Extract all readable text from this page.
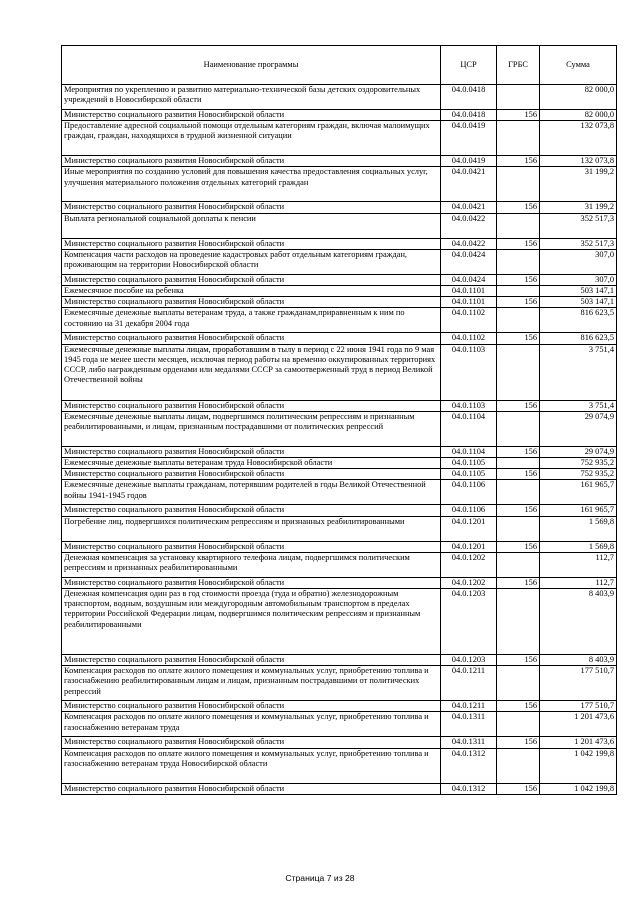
Наименование программы	ЦСР	ГРБС	Сумма
Мероприятия по укреплению и развитию материально-технической базы детских оздоровительных учреждений в Новосибирской области	04.0.0418		82 000,0
Министерство социального развития Новосибирской области	04.0.0418	156	82 000,0
Предоставление адресной социальной помощи отдельным категориям граждан, включая малоимущих граждан, граждан, находящихся в трудной жизненной ситуации	04.0.0419		132 073,8
Министерство социального развития Новосибирской области	04.0.0419	156	132 073,8
Иные мероприятия по созданию условий для повышения качества предоставления социальных услуг, улучшения материального положения отдельных категорий граждан	04.0.0421		31 199,2
Министерство социального развития Новосибирской области	04.0.0421	156	31 199,2
Выплата региональной социальной доплаты к пенсии	04.0.0422		352 517,3
Министерство социального развития Новосибирской области	04.0.0422	156	352 517,3
Компенсация части расходов на проведение кадастровых работ отдельным категориям граждан, проживающим на территории Новосибирской области	04.0.0424		307,0
Министерство социального развития Новосибирской области	04.0.0424	156	307,0
Ежемесячное пособие на ребенка	04.0.1101		503 147,1
Министерство социального развития Новосибирской области	04.0.1101	156	503 147,1
Ежемесячные денежные выплаты ветеранам труда, а также гражданам,приравненным к ним по состоянию на 31 декабря 2004 года	04.0.1102		816 623,5
Министерство социального развития Новосибирской области	04.0.1102	156	816 623,5
Ежемесячные денежные выплаты лицам, проработавшим в тылу в период с 22 июня 1941 года по 9 мая 1945 года не менее шести месяцев, исключая период работы на временно оккупированных территориях СССР, либо награжденным орденами или медалями СССР за самоотверженный труд в период Великой Отечественной войны	04.0.1103		3 751,4
Министерство социального развития Новосибирской области	04.0.1103	156	3 751,4
Ежемесячные денежные выплаты лицам, подвергшимся политическим репрессиям и признанным реабилитированными, и лицам, признанным пострадавшими от политических репрессий	04.0.1104		29 074,9
Министерство социального развития Новосибирской области	04.0.1104	156	29 074,9
Ежемесячные денежные выплаты ветеранам труда Новосибирской области	04.0.1105		752 935,2
Министерство социального развития Новосибирской области	04.0.1105	156	752 935,2
Ежемесячные денежные выплаты гражданам, потерявшим родителей в годы Великой Отечественной войны 1941-1945 годов	04.0.1106		161 965,7
Министерство социального развития Новосибирской области	04.0.1106	156	161 965,7
Погребение лиц, подвергшихся политическим репрессиям и признанных реабилитированными	04.0.1201		1 569,8
Министерство социального развития Новосибирской области	04.0.1201	156	1 569,8
Денежная компенсация за установку квартирного телефона лицам, подвергшимся политическим репрессиям и признанных реабилитированными	04.0.1202		112,7
Министерство социального развития Новосибирской области	04.0.1202	156	112,7
Денежная компенсация один раз в год стоимости проезда (туда и обратно) железнодорожным транспортом, водным, воздушным или междугородным автомобильным транспортом в пределах территории Российской Федерации лицам, подвергшимся политическим репрессиям и признанным реабилитированными	04.0.1203		8 403,9
Министерство социального развития Новосибирской области	04.0.1203	156	8 403,9
Компенсация расходов по оплате жилого помещения и коммунальных услуг, приобретению топлива и газоснабжению реабилитированным лицам и лицам, признанным пострадавшими от политических репрессий	04.0.1211		177 510,7
Министерство социального развития Новосибирской области	04.0.1211	156	177 510,7
Компенсация расходов по оплате жилого помещения и коммунальных услуг, приобретению топлива и газоснабжению ветеранам труда	04.0.1311		1 201 473,6
Министерство социального развития Новосибирской области	04.0.1311	156	1 201 473,6
Компенсация расходов по оплате жилого помещения и коммунальных услуг, приобретению топлива и газоснабжению ветеранам труда Новосибирской области	04.0.1312		1 042 199,8
Министерство социального развития Новосибирской области	04.0.1312	156	1 042 199,8
Страница 7 из 28
